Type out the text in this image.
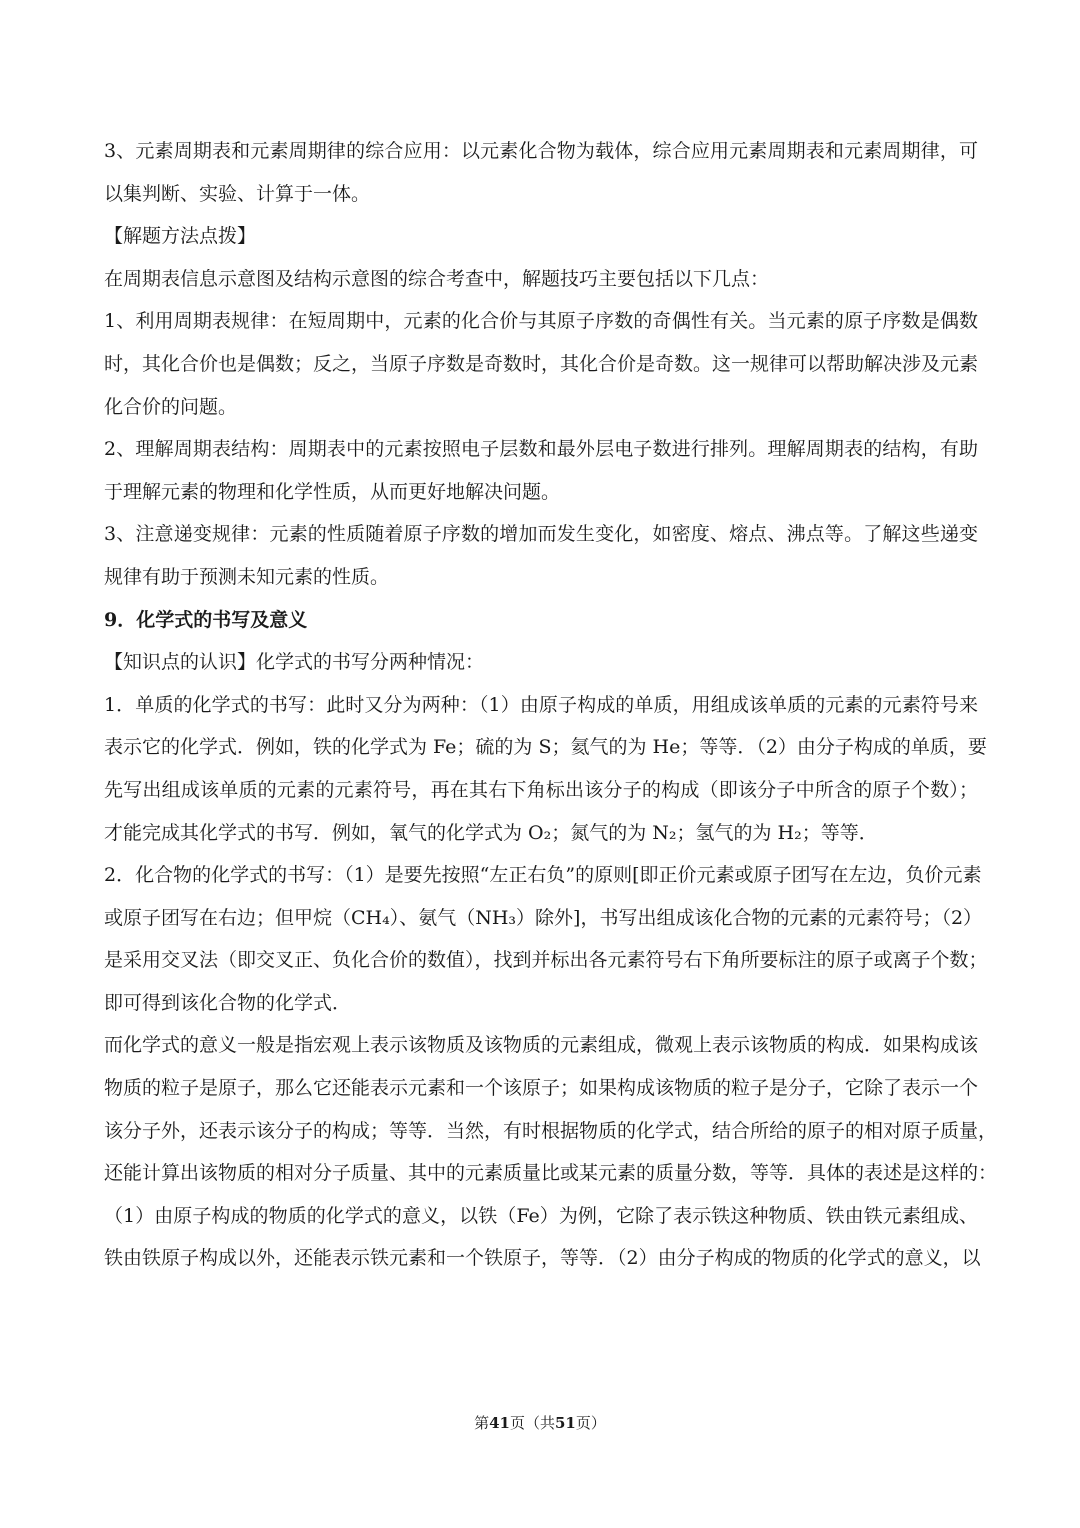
3、元素周期表和元素周期律的综合应用：以元素化合物为载体，综合应用元素周期表和元素周期律，可
以集判断、实验、计算于一体。
【解题方法点拨】
在周期表信息示意图及结构示意图的综合考查中，解题技巧主要包括以下几点：
1、利用周期表规律：在短周期中，元素的化合价与其原子序数的奇偶性有关。当元素的原子序数是偶数
时，其化合价也是偶数；反之，当原子序数是奇数时，其化合价是奇数。这一规律可以帮助解决涉及元素
化合价的问题。
2、理解周期表结构：周期表中的元素按照电子层数和最外层电子数进行排列。理解周期表的结构，有助
于理解元素的物理和化学性质，从而更好地解决问题。
3、注意递变规律：元素的性质随着原子序数的增加而发生变化，如密度、熔点、沸点等。了解这些递变
规律有助于预测未知元素的性质。
9．化学式的书写及意义
【知识点的认识】化学式的书写分两种情况：
1．单质的化学式的书写：此时又分为两种：（1）由原子构成的单质，用组成该单质的元素的元素符号来
表示它的化学式．例如，铁的化学式为 Fe；硫的为 S；氦气的为 He；等等．（2）由分子构成的单质，要
先写出组成该单质的元素的元素符号，再在其右下角标出该分子的构成（即该分子中所含的原子个数）；
才能完成其化学式的书写．例如，氧气的化学式为 O₂；氮气的为 N₂；氢气的为 H₂；等等．
2．化合物的化学式的书写：（1）是要先按照“左正右负”的原则[即正价元素或原子团写在左边，负价元素
或原子团写在右边；但甲烷（CH₄）、氨气（NH₃）除外]，书写出组成该化合物的元素的元素符号；（2）
是采用交叉法（即交叉正、负化合价的数值），找到并标出各元素符号右下角所要标注的原子或离子个数；
即可得到该化合物的化学式．
而化学式的意义一般是指宏观上表示该物质及该物质的元素组成，微观上表示该物质的构成．如果构成该
物质的粒子是原子，那么它还能表示元素和一个该原子；如果构成该物质的粒子是分子，它除了表示一个
该分子外，还表示该分子的构成；等等．当然，有时根据物质的化学式，结合所给的原子的相对原子质量，
还能计算出该物质的相对分子质量、其中的元素质量比或某元素的质量分数，等等．具体的表述是这样的：
（1）由原子构成的物质的化学式的意义，以铁（Fe）为例，它除了表示铁这种物质、铁由铁元素组成、
铁由铁原子构成以外，还能表示铁元素和一个铁原子，等等．（2）由分子构成的物质的化学式的意义，以
第41页（共51页）
